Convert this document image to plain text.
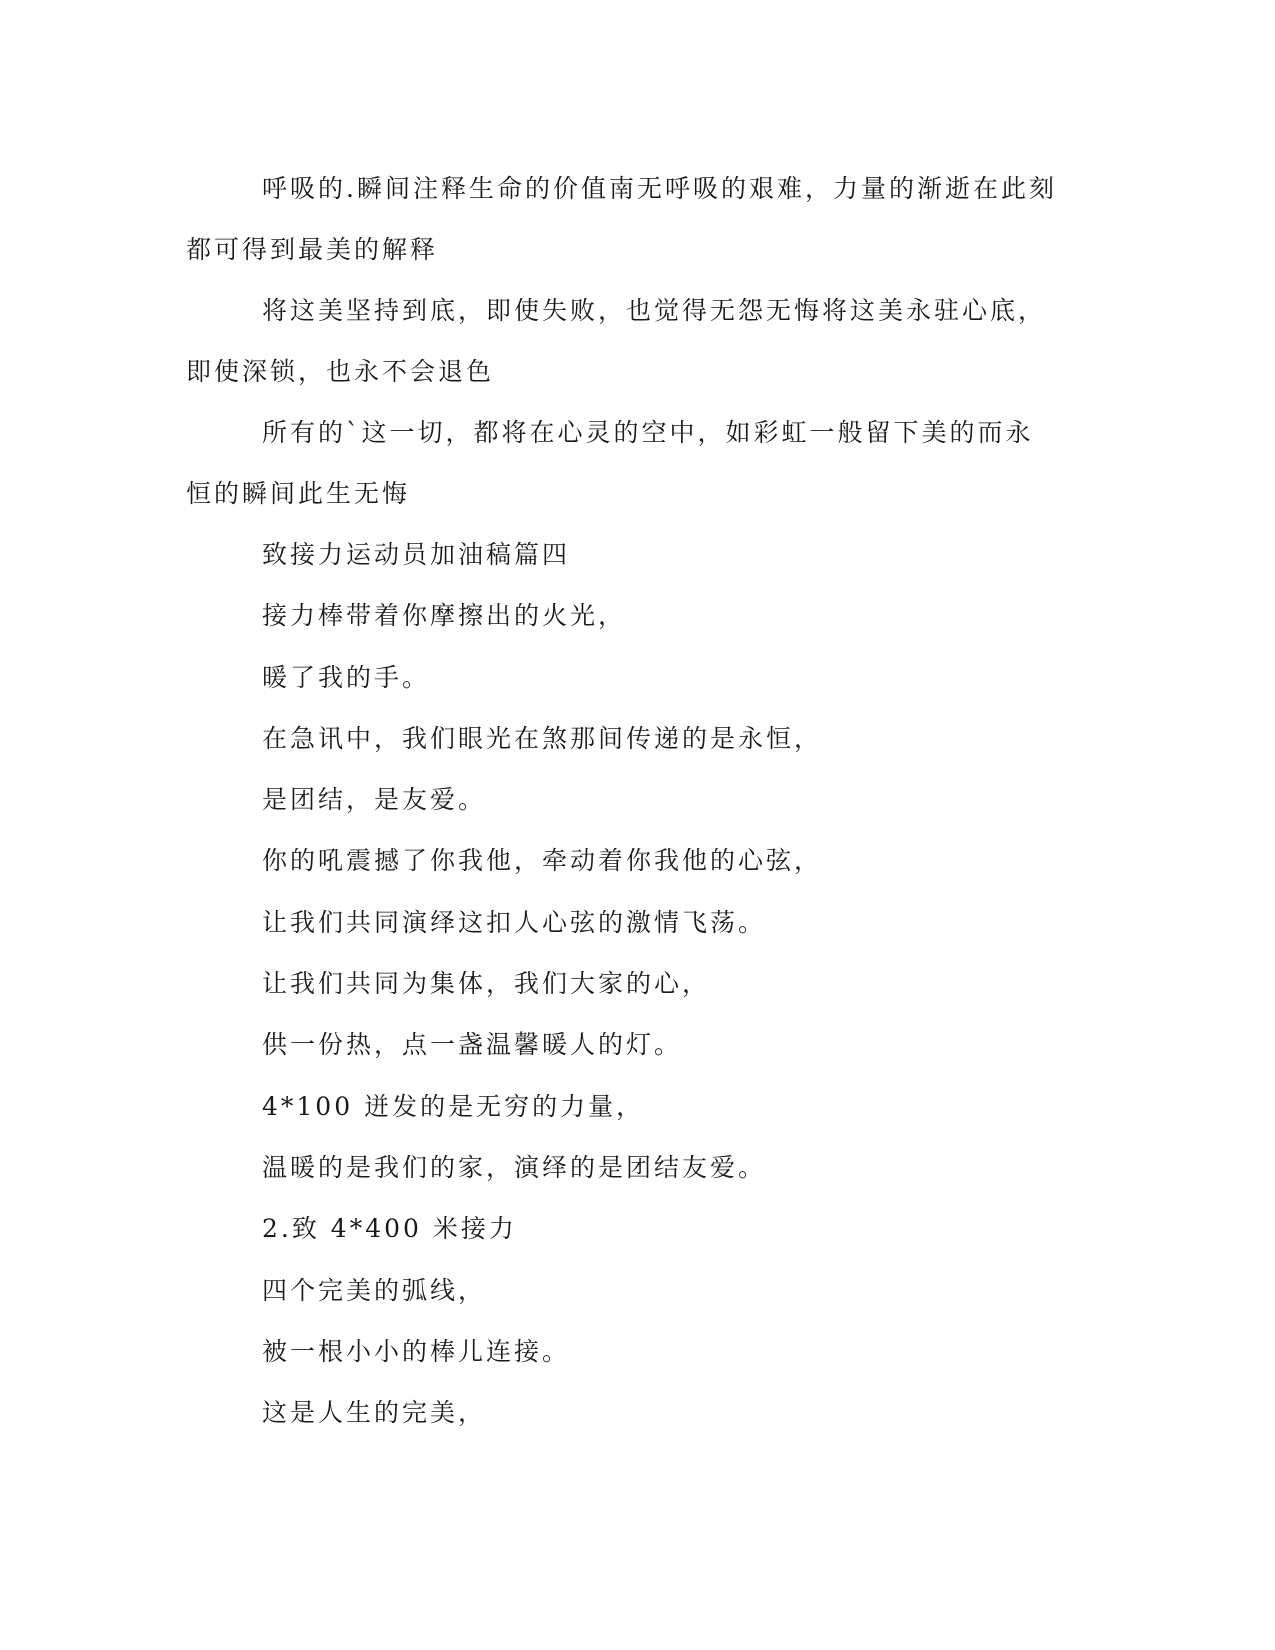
呼吸的.瞬间注释生命的价值南无呼吸的艰难，力量的渐逝在此刻
都可得到最美的解释

将这美坚持到底，即使失败，也觉得无怨无悔将这美永驻心底，
即使深锁，也永不会退色

所有的`这一切，都将在心灵的空中，如彩虹一般留下美的而永
恒的瞬间此生无悔

致接力运动员加油稿篇四
接力棒带着你摩擦出的火光，
暖了我的手。
在急讯中，我们眼光在煞那间传递的是永恒，
是团结，是友爱。
你的吼震撼了你我他，牵动着你我他的心弦，
让我们共同演绎这扣人心弦的激情飞荡。
让我们共同为集体，我们大家的心，
供一份热，点一盏温馨暖人的灯。
4*100 迸发的是无穷的力量，
温暖的是我们的家，演绎的是团结友爱。
2.致 4*400 米接力
四个完美的弧线，
被一根小小的棒儿连接。
这是人生的完美，
